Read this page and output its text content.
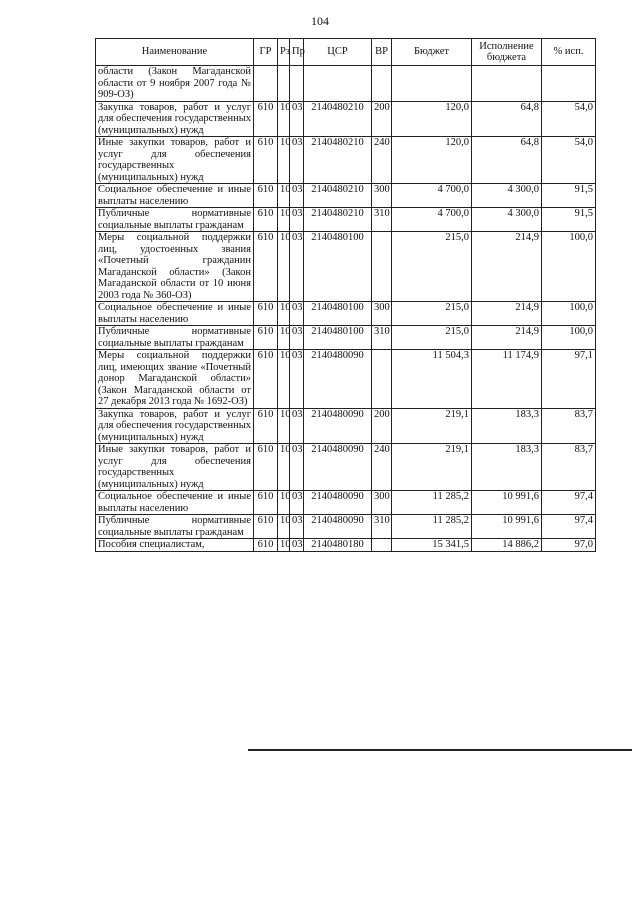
104
Наименование	ГР	Рз	Пр	ЦСР	ВР	Бюджет	Исполнение бюджета	% исп.
области (Закон Магаданской области от 9 ноября 2007 года № 909-ОЗ)								
Закупка товаров, работ и услуг для обеспечения государственных (муниципальных) нужд	610	10	03	2140480210	200	120,0	64,8	54,0
Иные закупки товаров, работ и услуг для обеспечения государственных (муниципальных) нужд	610	10	03	2140480210	240	120,0	64,8	54,0
Социальное обеспечение и иные выплаты населению	610	10	03	2140480210	300	4 700,0	4 300,0	91,5
Публичные нормативные социальные выплаты гражданам	610	10	03	2140480210	310	4 700,0	4 300,0	91,5
Меры социальной поддержки лиц, удостоенных звания «Почетный гражданин Магаданской области» (Закон Магаданской области от 10 июня 2003 года № 360-ОЗ)	610	10	03	2140480100		215,0	214,9	100,0
Социальное обеспечение и иные выплаты населению	610	10	03	2140480100	300	215,0	214,9	100,0
Публичные нормативные социальные выплаты гражданам	610	10	03	2140480100	310	215,0	214,9	100,0
Меры социальной поддержки лиц, имеющих звание «Почетный донор Магаданской области» (Закон Магаданской области от 27 декабря 2013 года № 1692-ОЗ)	610	10	03	2140480090		11 504,3	11 174,9	97,1
Закупка товаров, работ и услуг для обеспечения государственных (муниципальных) нужд	610	10	03	2140480090	200	219,1	183,3	83,7
Иные закупки товаров, работ и услуг для обеспечения государственных (муниципальных) нужд	610	10	03	2140480090	240	219,1	183,3	83,7
Социальное обеспечение и иные выплаты населению	610	10	03	2140480090	300	11 285,2	10 991,6	97,4
Публичные нормативные социальные выплаты гражданам	610	10	03	2140480090	310	11 285,2	10 991,6	97,4
Пособия специалистам,	610	10	03	2140480180		15 341,5	14 886,2	97,0
